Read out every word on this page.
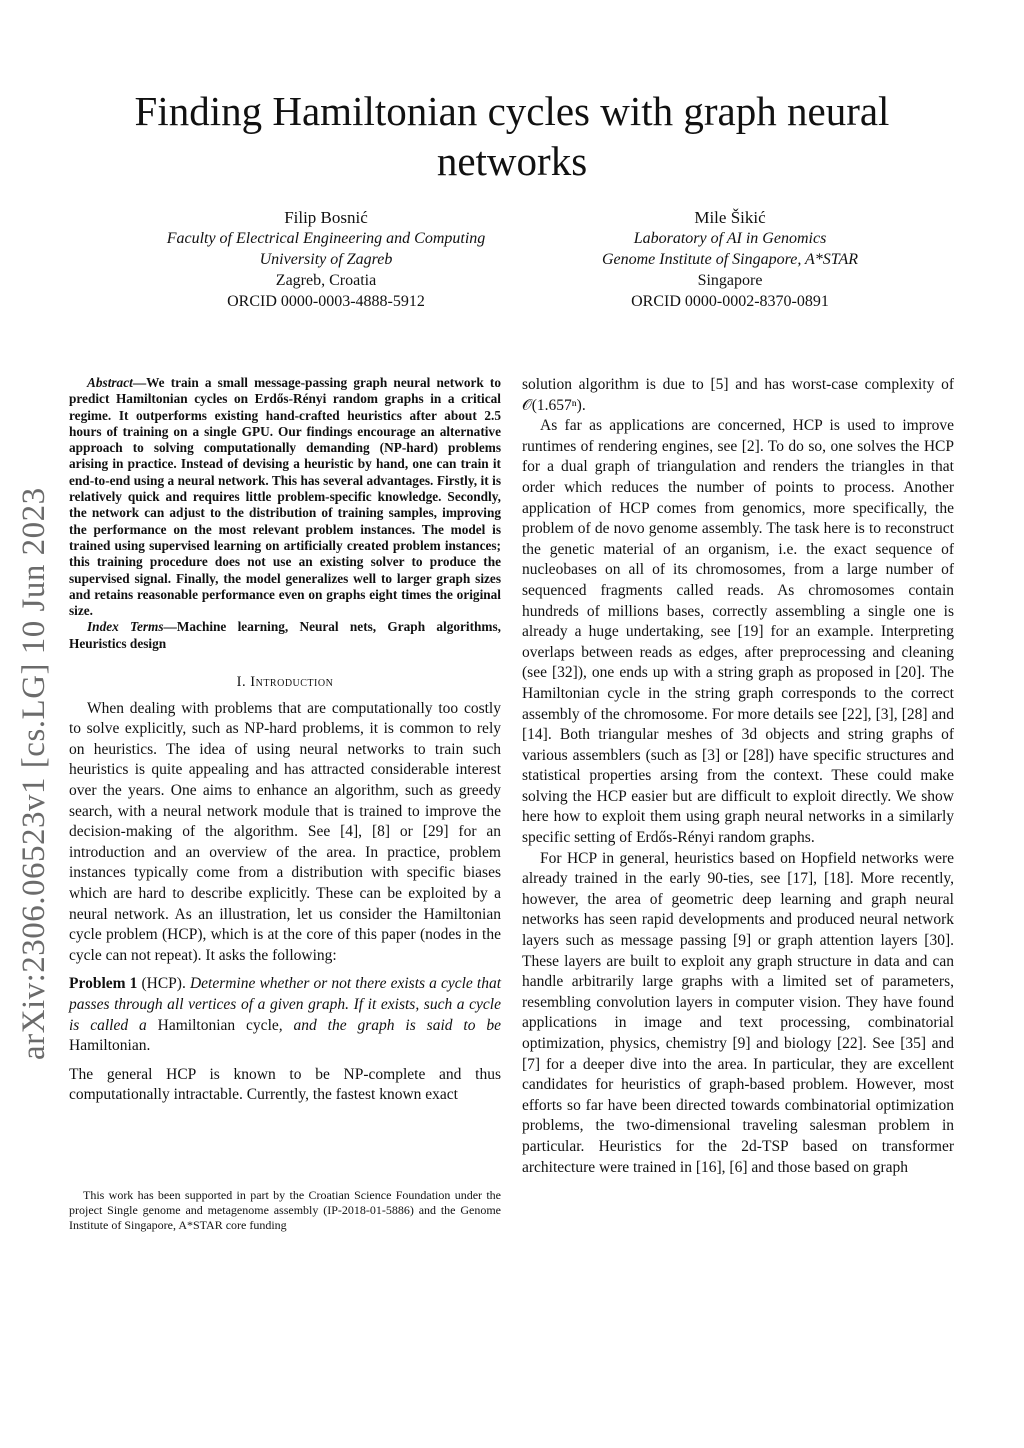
arXiv:2306.06523v1 [cs.LG] 10 Jun 2023
Finding Hamiltonian cycles with graph neural networks
Filip Bosnić
Faculty of Electrical Engineering and Computing
University of Zagreb
Zagreb, Croatia
ORCID 0000-0003-4888-5912
Mile Šikić
Laboratory of AI in Genomics
Genome Institute of Singapore, A*STAR
Singapore
ORCID 0000-0002-8370-0891

Abstract—We train a small message-passing graph neural network to predict Hamiltonian cycles on Erdős-Rényi random graphs in a critical regime. It outperforms existing hand-crafted heuristics after about 2.5 hours of training on a single GPU. Our findings encourage an alternative approach to solving computationally demanding (NP-hard) problems arising in practice. Instead of devising a heuristic by hand, one can train it end-to-end using a neural network. This has several advantages. Firstly, it is relatively quick and requires little problem-specific knowledge. Secondly, the network can adjust to the distribution of training samples, improving the performance on the most relevant problem instances. The model is trained using supervised learning on artificially created problem instances; this training procedure does not use an existing solver to produce the supervised signal. Finally, the model generalizes well to larger graph sizes and retains reasonable performance even on graphs eight times the original size.

Index Terms—Machine learning, Neural nets, Graph algorithms, Heuristics design

I. Introduction

When dealing with problems that are computationally too costly to solve explicitly, such as NP-hard problems, it is common to rely on heuristics. The idea of using neural networks to train such heuristics is quite appealing and has attracted considerable interest over the years. One aims to enhance an algorithm, such as greedy search, with a neural network module that is trained to improve the decision-making of the algorithm. See [4], [8] or [29] for an introduction and an overview of the area. In practice, problem instances typically come from a distribution with specific biases which are hard to describe explicitly. These can be exploited by a neural network. As an illustration, let us consider the Hamiltonian cycle problem (HCP), which is at the core of this paper (nodes in the cycle can not repeat). It asks the following:

Problem 1 (HCP). Determine whether or not there exists a cycle that passes through all vertices of a given graph. If it exists, such a cycle is called a Hamiltonian cycle, and the graph is said to be Hamiltonian.

The general HCP is known to be NP-complete and thus computationally intractable. Currently, the fastest known exact

This work has been supported in part by the Croatian Science Foundation under the project Single genome and metagenome assembly (IP-2018-01-5886) and the Genome Institute of Singapore, A*STAR core funding

solution algorithm is due to [5] and has worst-case complexity of 𝒪(1.657ⁿ).

As far as applications are concerned, HCP is used to improve runtimes of rendering engines, see [2]. To do so, one solves the HCP for a dual graph of triangulation and renders the triangles in that order which reduces the number of points to process. Another application of HCP comes from genomics, more specifically, the problem of de novo genome assembly. The task here is to reconstruct the genetic material of an organism, i.e. the exact sequence of nucleobases on all of its chromosomes, from a large number of sequenced fragments called reads. As chromosomes contain hundreds of millions bases, correctly assembling a single one is already a huge undertaking, see [19] for an example. Interpreting overlaps between reads as edges, after preprocessing and cleaning (see [32]), one ends up with a string graph as proposed in [20]. The Hamiltonian cycle in the string graph corresponds to the correct assembly of the chromosome. For more details see [22], [3], [28] and [14]. Both triangular meshes of 3d objects and string graphs of various assemblers (such as [3] or [28]) have specific structures and statistical properties arsing from the context. These could make solving the HCP easier but are difficult to exploit directly. We show here how to exploit them using graph neural networks in a similarly specific setting of Erdős-Rényi random graphs.

For HCP in general, heuristics based on Hopfield networks were already trained in the early 90-ties, see [17], [18]. More recently, however, the area of geometric deep learning and graph neural networks has seen rapid developments and produced neural network layers such as message passing [9] or graph attention layers [30]. These layers are built to exploit any graph structure in data and can handle arbitrarily large graphs with a limited set of parameters, resembling convolution layers in computer vision. They have found applications in image and text processing, combinatorial optimization, physics, chemistry [9] and biology [22]. See [35] and [7] for a deeper dive into the area. In particular, they are excellent candidates for heuristics of graph-based problem. However, most efforts so far have been directed towards combinatorial optimization problems, the two-dimensional traveling salesman problem in particular. Heuristics for the 2d-TSP based on transformer architecture were trained in [16], [6] and those based on graph
